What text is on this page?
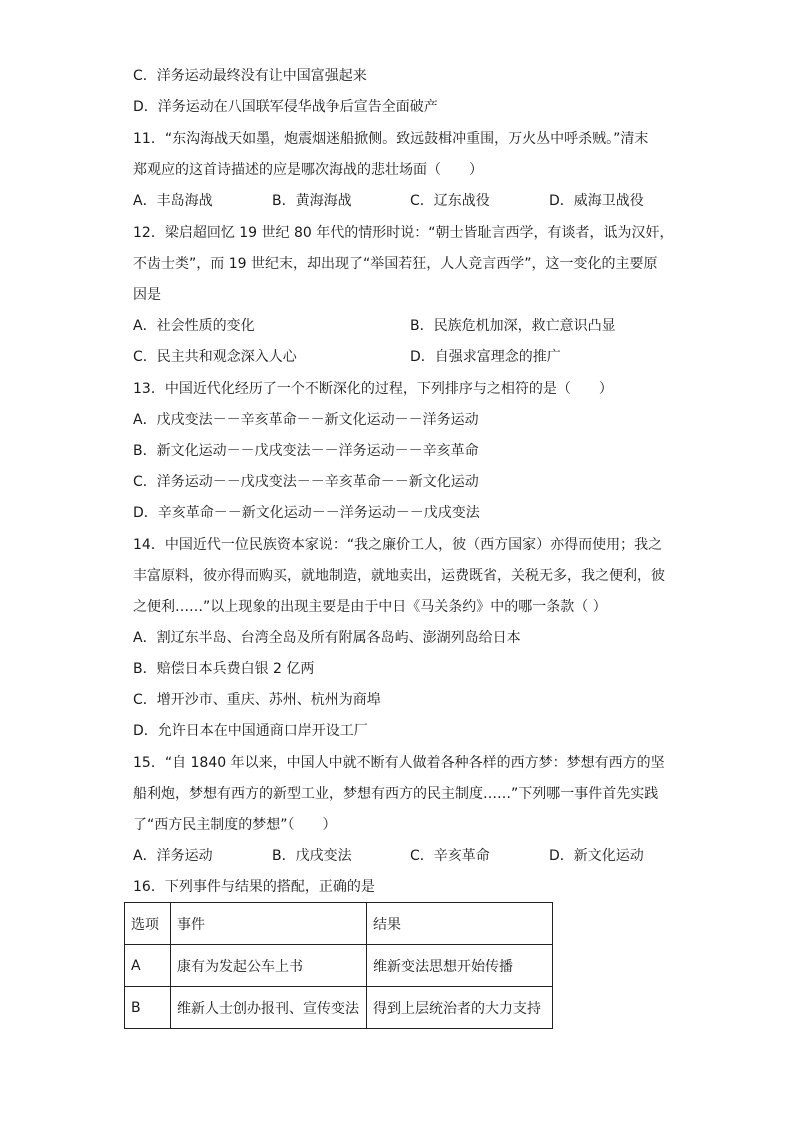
C．洋务运动最终没有让中国富强起来
D．洋务运动在八国联军侵华战争后宣告全面破产
11．“东沟海战天如墨，炮震烟迷船掀侧。致远鼓楫冲重围，万火丛中呼杀贼。”清末
郑观应的这首诗描述的应是哪次海战的悲壮场面（　　）
A．丰岛海战	B．黄海海战	C．辽东战役	D．威海卫战役
12．梁启超回忆 19 世纪 80 年代的情形时说：“朝士皆耻言西学，有谈者，诋为汉奸，
不齿士类”，而 19 世纪末，却出现了“举国若狂，人人竞言西学”，这一变化的主要原
因是
A．社会性质的变化	B．民族危机加深，救亡意识凸显
C．民主共和观念深入人心	D．自强求富理念的推广
13．中国近代化经历了一个不断深化的过程，下列排序与之相符的是（　　）
A．戊戌变法－－辛亥革命－－新文化运动－－洋务运动
B．新文化运动－－戊戌变法－－洋务运动－－辛亥革命
C．洋务运动－－戊戌变法－－辛亥革命－－新文化运动
D．辛亥革命－－新文化运动－－洋务运动－－戊戌变法
14．中国近代一位民族资本家说：“我之廉价工人，彼（西方国家）亦得而使用；我之
丰富原料，彼亦得而购买，就地制造，就地卖出，运费既省，关税无多，我之便利，彼
之便利……”以上现象的出现主要是由于中日《马关条约》中的哪一条款（ ）
A．割辽东半岛、台湾全岛及所有附属各岛屿、澎湖列岛给日本
B．赔偿日本兵费白银 2 亿两
C．增开沙市、重庆、苏州、杭州为商埠
D．允许日本在中国通商口岸开设工厂
15．“自 1840 年以来，中国人中就不断有人做着各种各样的西方梦：梦想有西方的坚
船利炮，梦想有西方的新型工业，梦想有西方的民主制度……”下列哪一事件首先实践
了“西方民主制度的梦想”（　　）
A．洋务运动	B．戊戌变法	C．辛亥革命	D．新文化运动
16．下列事件与结果的搭配，正确的是
选项	事件	结果
A	康有为发起公车上书	维新变法思想开始传播
B	维新人士创办报刊、宣传变法	得到上层统治者的大力支持
